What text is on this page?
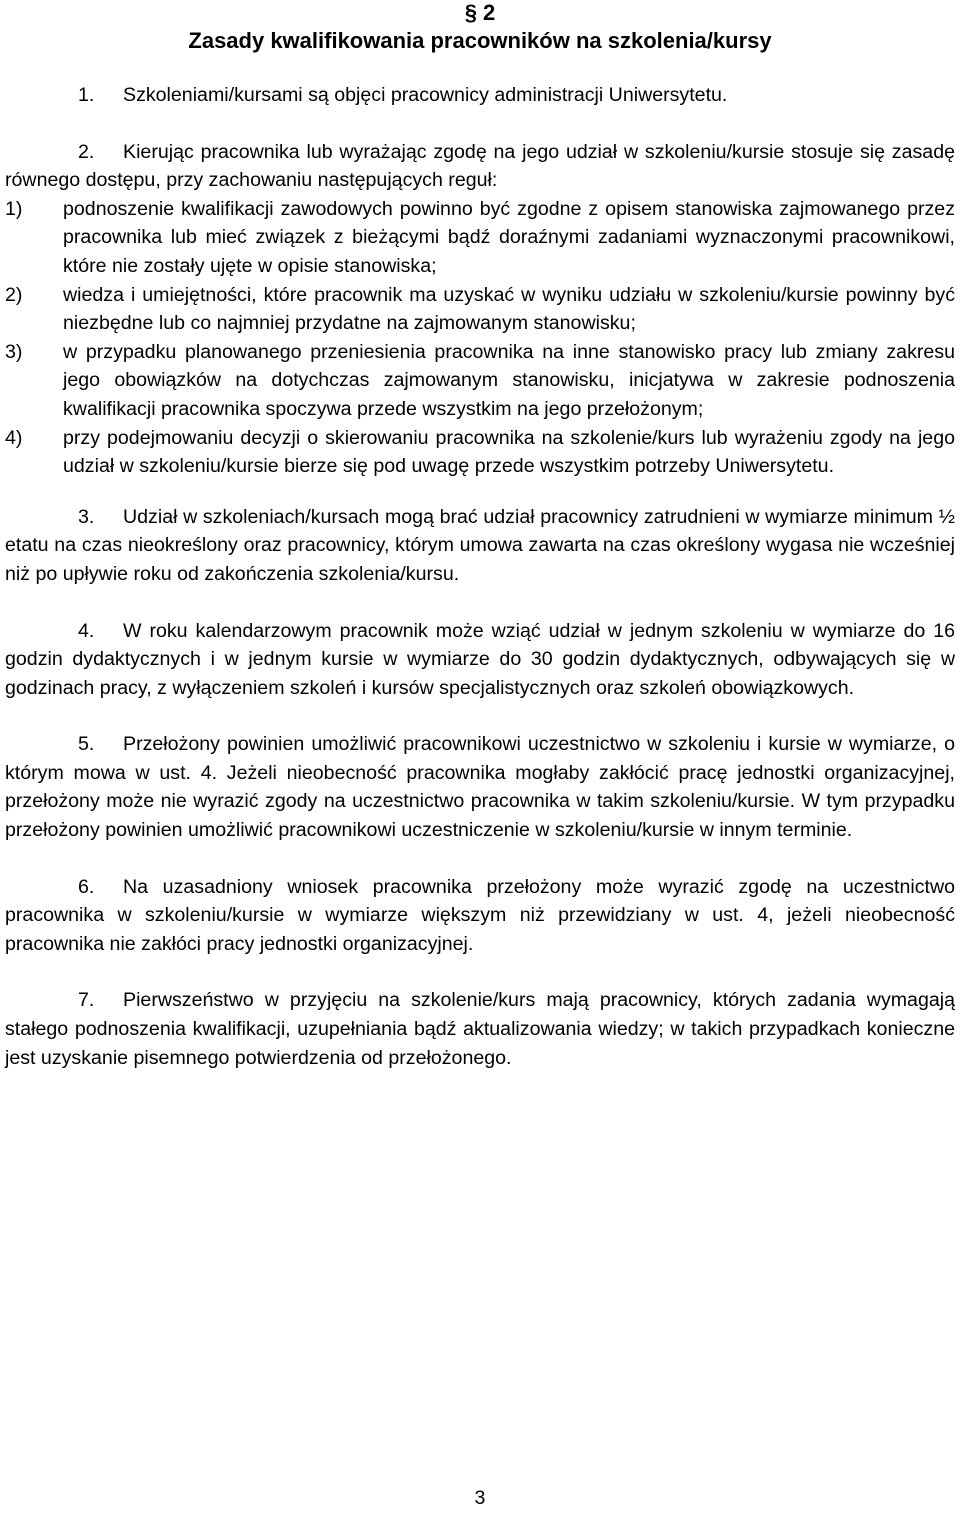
§ 2
Zasady kwalifikowania pracowników na szkolenia/kursy

1. Szkoleniami/kursami są objęci pracownicy administracji Uniwersytetu.

2. Kierując pracownika lub wyrażając zgodę na jego udział w szkoleniu/kursie stosuje się zasadę równego dostępu, przy zachowaniu następujących reguł:

1)	podnoszenie kwalifikacji zawodowych powinno być zgodne z opisem stanowiska zajmowanego przez pracownika lub mieć związek z bieżącymi bądź doraźnymi zadaniami wyznaczonymi pracownikowi, które nie zostały ujęte w opisie stanowiska;
2)	wiedza i umiejętności, które pracownik ma uzyskać w wyniku udziału w szkoleniu/kursie powinny być niezbędne lub co najmniej przydatne na zajmowanym stanowisku;
3)	w przypadku planowanego przeniesienia pracownika na inne stanowisko pracy lub zmiany zakresu jego obowiązków na dotychczas zajmowanym stanowisku, inicjatywa w zakresie podnoszenia kwalifikacji pracownika spoczywa przede wszystkim na jego przełożonym;
4)	przy podejmowaniu decyzji o skierowaniu pracownika na szkolenie/kurs lub wyrażeniu zgody na jego udział w szkoleniu/kursie bierze się pod uwagę przede wszystkim potrzeby Uniwersytetu.

3. Udział w szkoleniach/kursach mogą brać udział pracownicy zatrudnieni w wymiarze minimum ½ etatu na czas nieokreślony oraz pracownicy, którym umowa zawarta na czas określony wygasa nie wcześniej niż po upływie roku od zakończenia szkolenia/kursu.

4. W roku kalendarzowym pracownik może wziąć udział w jednym szkoleniu w wymiarze do 16 godzin dydaktycznych i w jednym kursie w wymiarze do 30 godzin dydaktycznych, odbywających się w godzinach pracy, z wyłączeniem szkoleń i kursów specjalistycznych oraz szkoleń obowiązkowych.

5. Przełożony powinien umożliwić pracownikowi uczestnictwo w szkoleniu i kursie w wymiarze, o którym mowa w ust. 4. Jeżeli nieobecność pracownika mogłaby zakłócić pracę jednostki organizacyjnej, przełożony może nie wyrazić zgody na uczestnictwo pracownika w takim szkoleniu/kursie. W tym przypadku przełożony powinien umożliwić pracownikowi uczestniczenie w szkoleniu/kursie w innym terminie.

6. Na uzasadniony wniosek pracownika przełożony może wyrazić zgodę na uczestnictwo pracownika w szkoleniu/kursie w wymiarze większym niż przewidziany w ust. 4, jeżeli nieobecność pracownika nie zakłóci pracy jednostki organizacyjnej.

7. Pierwszeństwo w przyjęciu na szkolenie/kurs mają pracownicy, których zadania wymagają stałego podnoszenia kwalifikacji, uzupełniania bądź aktualizowania wiedzy; w takich przypadkach konieczne jest uzyskanie pisemnego potwierdzenia od przełożonego.

3
